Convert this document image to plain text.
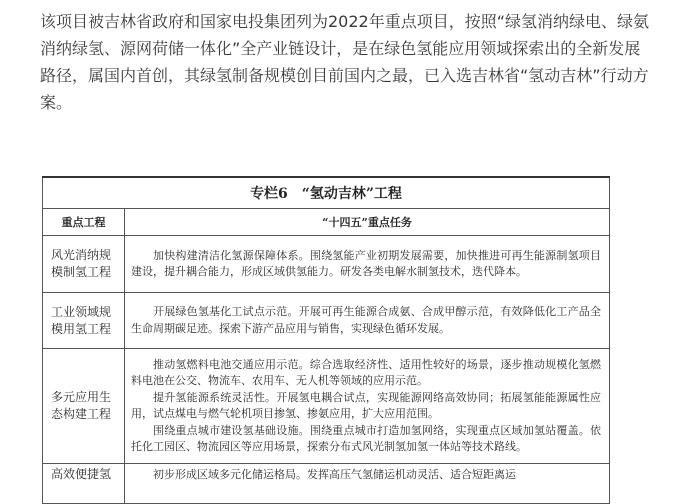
该项目被吉林省政府和国家电投集团列为2022年重点项目，按照“绿氢消纳绿电、绿氨消纳绿氢、源网荷储一体化”全产业链设计，是在绿色氢能应用领域探索出的全新发展路径，属国内首创，其绿氢制备规模创目前国内之最，已入选吉林省“氢动吉林”行动方案。

专栏6　“氢动吉林”工程	
重点工程	“十四五”重点任务
风光消纳规模制氢工程	加快构建清洁化氢源保障体系。围绕氢能产业初期发展需要，加快推进可再生能源制氢项目建设，提升耦合能力，形成区域供氢能力。研发各类电解水制氢技术，迭代降本。

工业领域规模用氢工程	开展绿色氢基化工试点示范。开展可再生能源合成氨、合成甲醇示范，有效降低化工产品全生命周期碳足迹。探索下游产品应用与销售，实现绿色循环发展。

多元应用生态构建工程	推动氢燃料电池交通应用示范。综合选取经济性、适用性较好的场景，逐步推动规模化氢燃料电池在公交、物流车、农用车、无人机等领域的应用示范。

提升氢能源系统灵活性。开展氢电耦合试点，实现能源网络高效协同；拓展氢能能源属性应用，试点煤电与燃气轮机项目掺氢、掺氨应用，扩大应用范围。

围绕重点城市建设氢基础设施。围绕重点城市打造加氢网络，实现重点区域加氢站覆盖。依托化工园区、物流园区等应用场景，探索分布式风光制氢加氢一体站等技术路线。

高效便捷氢	初步形成区域多元化储运格局。发挥高压气氢储运机动灵活、适合短距离运
